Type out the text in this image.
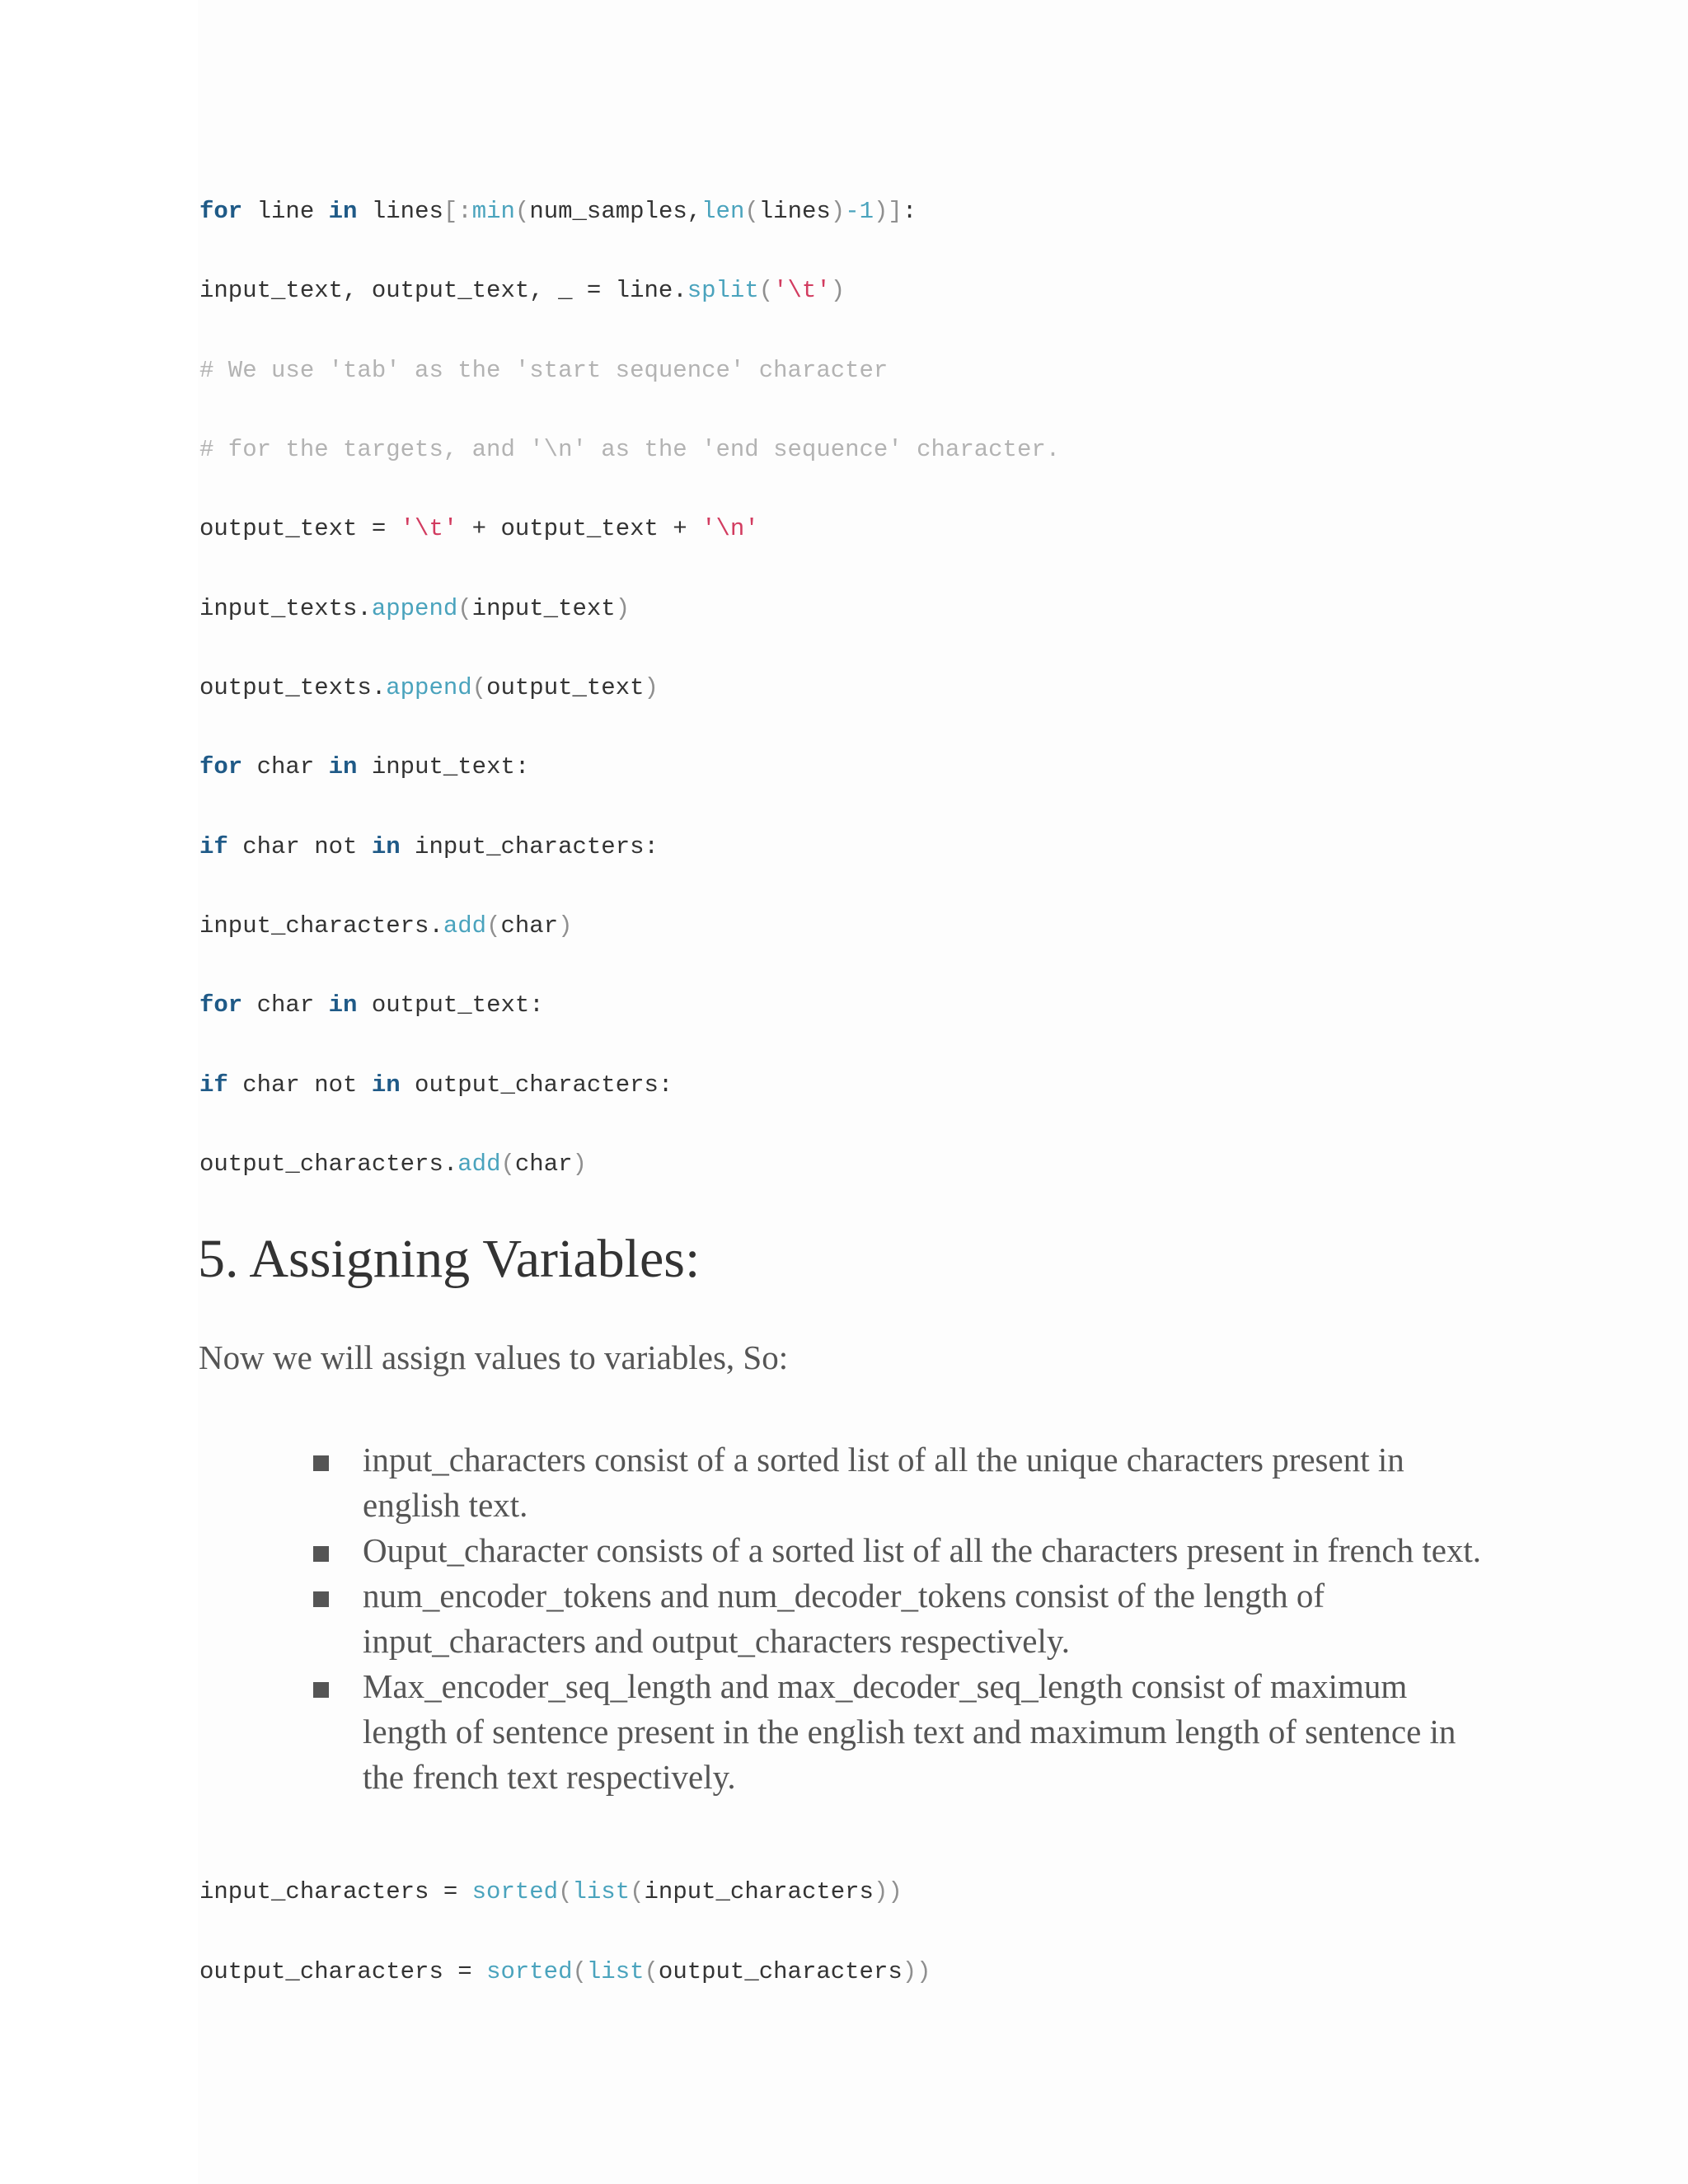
for line in lines[:min(num_samples,len(lines)-1)]:
input_text, output_text, _ = line.split('\t')
# We use 'tab' as the 'start sequence' character
# for the targets, and '\n' as the 'end sequence' character.
output_text = '\t' + output_text + '\n'
input_texts.append(input_text)
output_texts.append(output_text)
for char in input_text:
if char not in input_characters:
input_characters.add(char)
for char in output_text:
if char not in output_characters:
output_characters.add(char)
5. Assigning Variables:

Now we will assign values to variables, So:

input_characters consist of a sorted list of all the unique characters present in english text.
Ouput_character consists of a sorted list of all the characters present in french text.
num_encoder_tokens and num_decoder_tokens consist of the length of input_characters and output_characters respectively.
Max_encoder_seq_length and max_decoder_seq_length consist of maximum length of sentence present in the english text and maximum length of sentence in the french text respectively.
input_characters = sorted(list(input_characters))
output_characters = sorted(list(output_characters))
